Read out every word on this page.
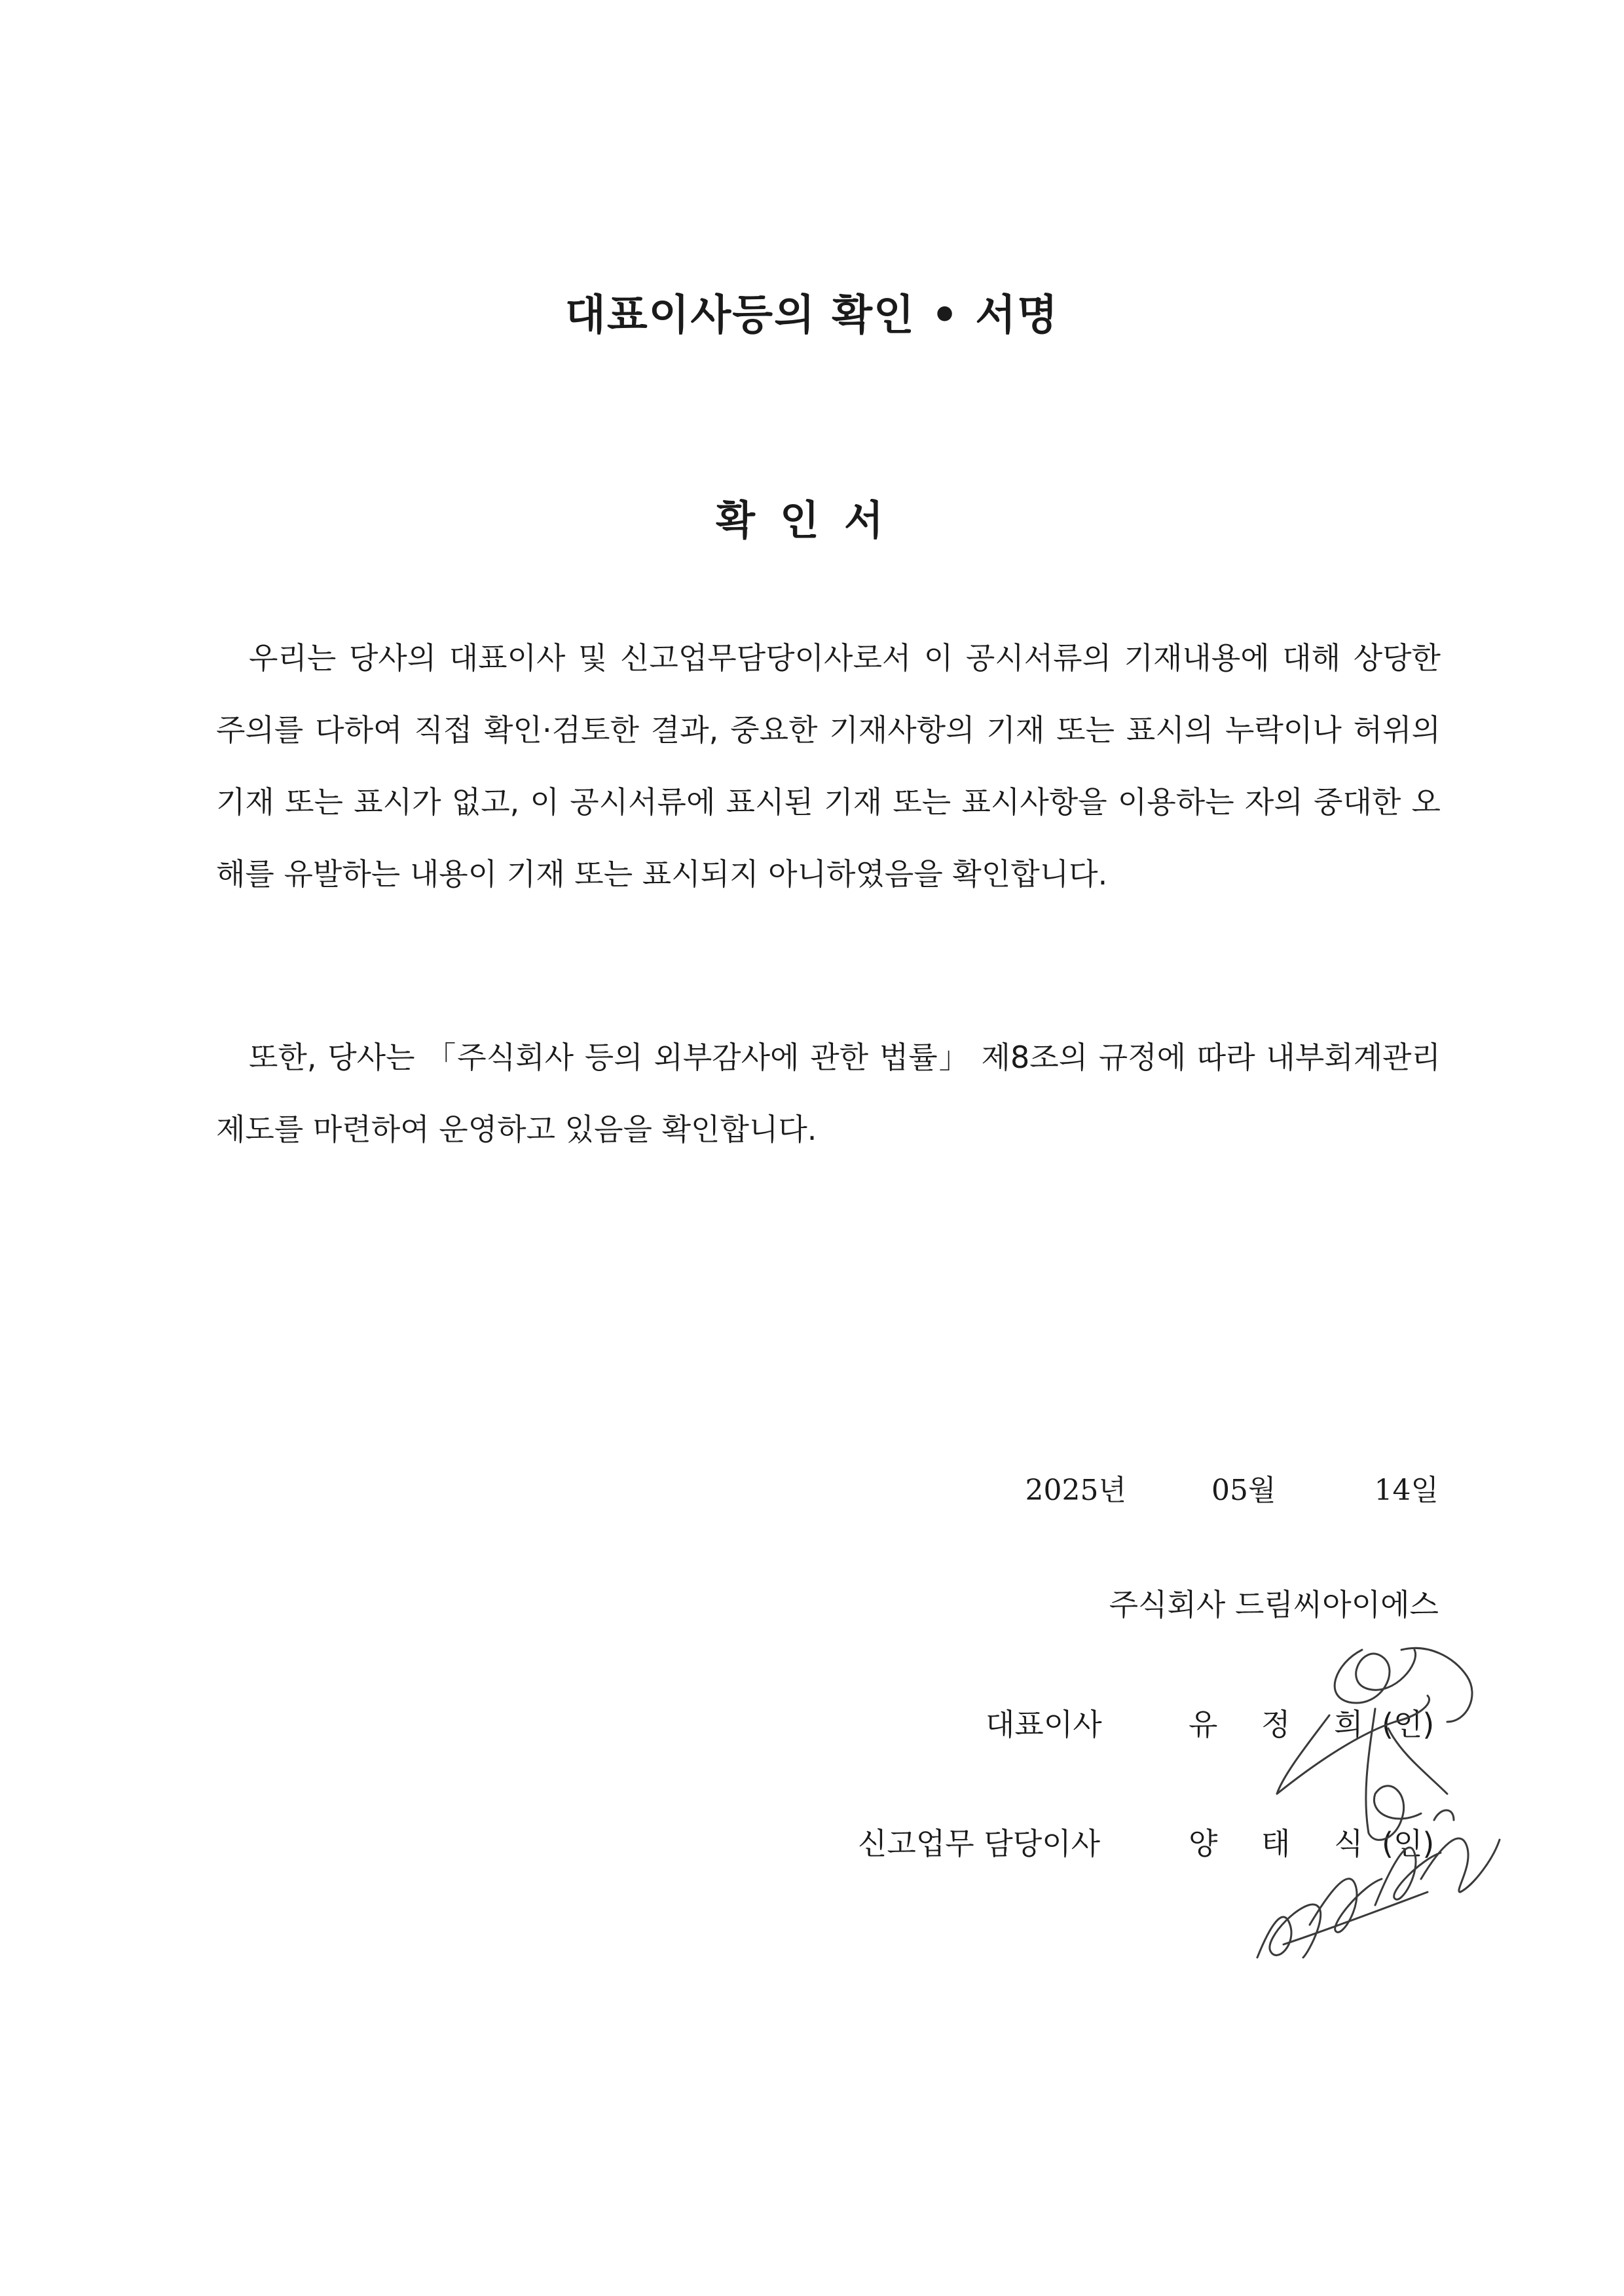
대표이사등의 확인 • 서명
확인서

우리는 당사의 대표이사 및 신고업무담당이사로서 이 공시서류의 기재내용에 대해 상당한 주의를 다하여 직접 확인·검토한 결과, 중요한 기재사항의 기재 또는 표시의 누락이나 허위의 기재 또는 표시가 없고, 이 공시서류에 표시된 기재 또는 표시사항을 이용하는 자의 중대한 오해를 유발하는 내용이 기재 또는 표시되지 아니하였음을 확인합니다.

또한, 당사는 「주식회사 등의 외부감사에 관한 법률」 제8조의 규정에 따라 내부회계관리제도를 마련하여 운영하고 있음을 확인합니다.

2025년	05월	14일
주식회사 드림씨아이에스
대표이사	유 정 희 (인)
신고업무 담당이사	양 태 식 (인)
